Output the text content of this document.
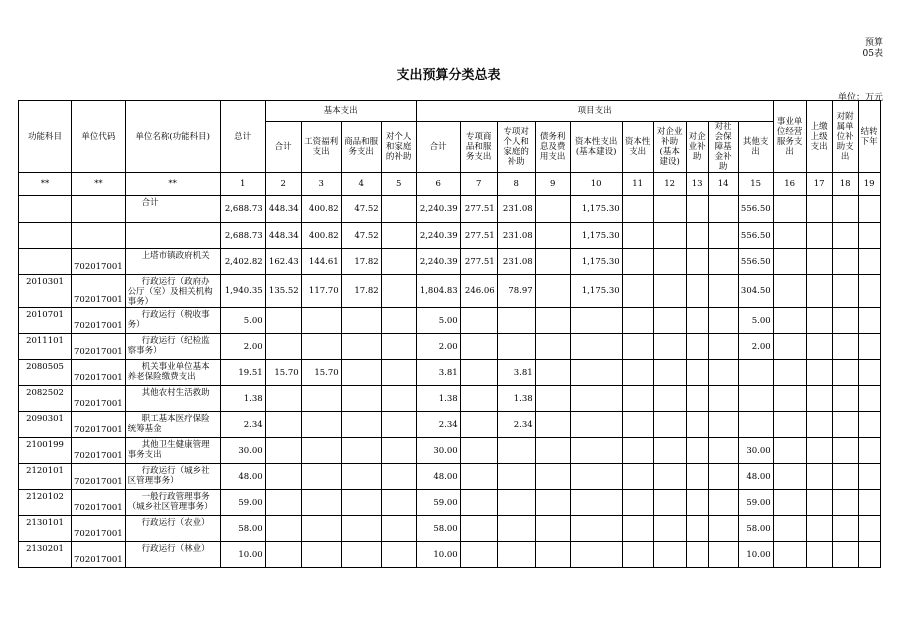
预算
05表
支出预算分类总表
单位：万元
功能科目	单位代码	单位名称(功能科目)	总计	基本支出				项目支出										事业单位经营服务支出	上缴上级支出	对附属单位补助支出	结转下年
				合计	工资福利支出	商品和服务支出	对个人和家庭的补助	合计	专项商品和服务支出	专项对个人和家庭的补助	债务利息及费用支出	资本性支出(基本建设)	资本性支出	对企业补助(基本建设)	对企业补助	对社会保障基金补助	其他支出				
**	**	**	1	2	3	4	5	6	7	8	9	10	11	12	13	14	15	16	17	18	19
		合计	2,688.73	448.34	400.82	47.52		2,240.39	277.51	231.08		1,175.30					556.50				
			2,688.73	448.34	400.82	47.52		2,240.39	277.51	231.08		1,175.30					556.50				
	702017001	上塔市镇政府机关	2,402.82	162.43	144.61	17.82		2,240.39	277.51	231.08		1,175.30					556.50				
2010301	702017001	行政运行（政府办公厅（室）及相关机构事务）	1,940.35	135.52	117.70	17.82		1,804.83	246.06	78.97		1,175.30					304.50				
2010701	702017001	行政运行（税收事务）	5.00					5.00									5.00				
2011101	702017001	行政运行（纪检监察事务）	2.00					2.00									2.00				
2080505	702017001	机关事业单位基本养老保险缴费支出	19.51	15.70	15.70			3.81		3.81											
2082502	702017001	其他农村生活救助	1.38					1.38		1.38											
2090301	702017001	职工基本医疗保险统筹基金	2.34					2.34		2.34											
2100199	702017001	其他卫生健康管理事务支出	30.00					30.00									30.00				
2120101	702017001	行政运行（城乡社区管理事务）	48.00					48.00									48.00				
2120102	702017001	一般行政管理事务（城乡社区管理事务）	59.00					59.00									59.00				
2130101	702017001	行政运行（农业）	58.00					58.00									58.00				
2130201	702017001	行政运行（林业）	10.00					10.00									10.00				
